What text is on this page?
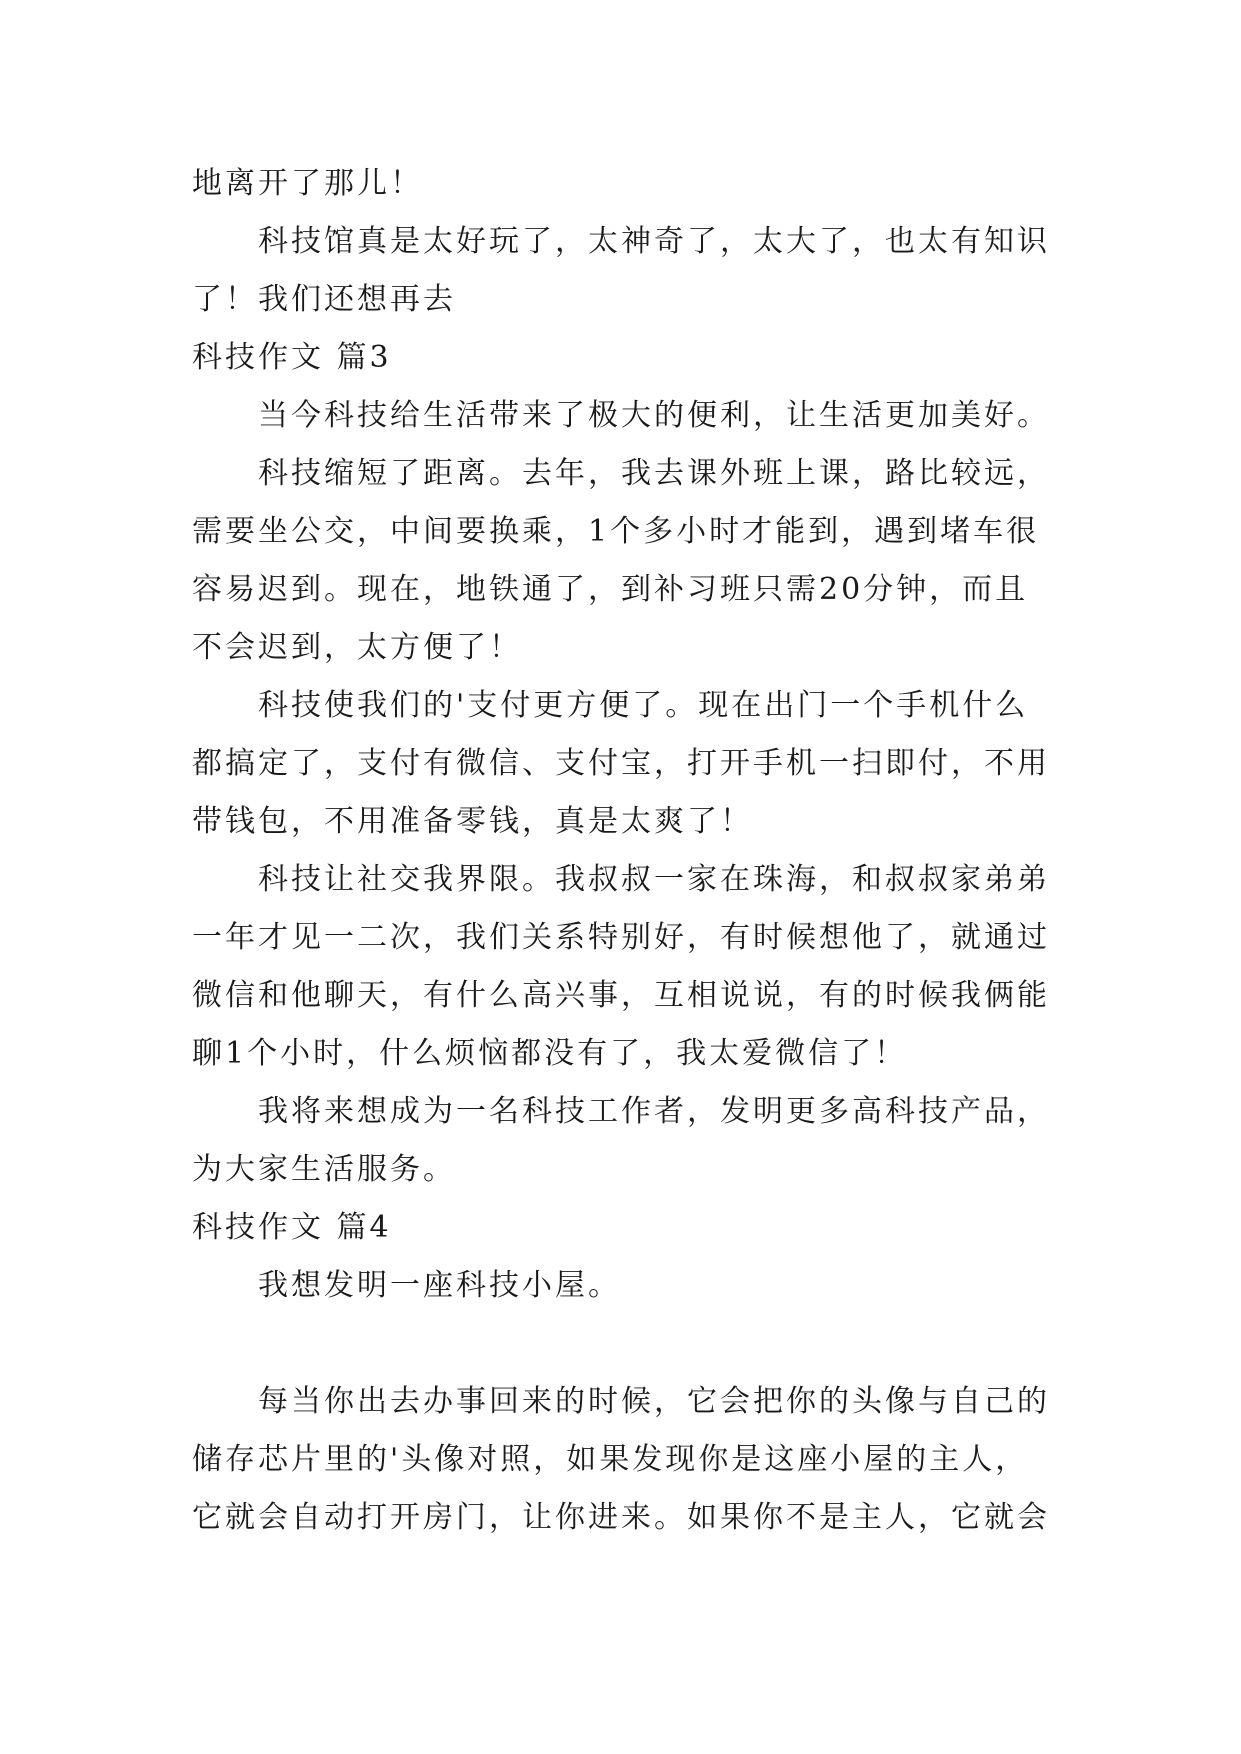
地离开了那儿！
科技馆真是太好玩了，太神奇了，太大了，也太有知识
了！我们还想再去
科技作文 篇3
当今科技给生活带来了极大的便利，让生活更加美好。
科技缩短了距离。去年，我去课外班上课，路比较远，
需要坐公交，中间要换乘，1个多小时才能到，遇到堵车很
容易迟到。现在，地铁通了，到补习班只需20分钟，而且
不会迟到，太方便了！
科技使我们的'支付更方便了。现在出门一个手机什么
都搞定了，支付有微信、支付宝，打开手机一扫即付，不用
带钱包，不用准备零钱，真是太爽了！
科技让社交我界限。我叔叔一家在珠海，和叔叔家弟弟
一年才见一二次，我们关系特别好，有时候想他了，就通过
微信和他聊天，有什么高兴事，互相说说，有的时候我俩能
聊1个小时，什么烦恼都没有了，我太爱微信了！
我将来想成为一名科技工作者，发明更多高科技产品，
为大家生活服务。
科技作文 篇4
我想发明一座科技小屋。
每当你出去办事回来的时候，它会把你的头像与自己的
储存芯片里的'头像对照，如果发现你是这座小屋的主人，
它就会自动打开房门，让你进来。如果你不是主人，它就会
